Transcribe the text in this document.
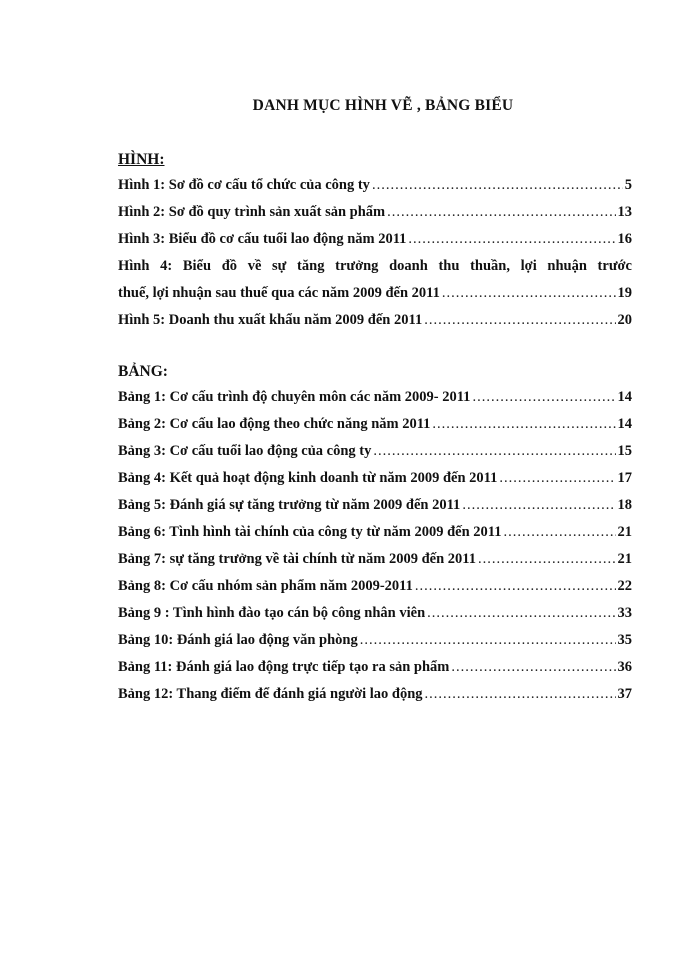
DANH MỤC HÌNH VẼ , BẢNG BIỂU
HÌNH:
Hình 1: Sơ đồ cơ cấu tổ chức của công ty .....	5
Hình 2: Sơ đồ quy trình sản xuất sản phẩm .....	13
Hình 3: Biểu đồ cơ cấu tuổi lao động năm 2011 .....	16
Hình 4: Biểu đồ về sự tăng trưởng doanh thu thuần, lợi nhuận trước
thuế, lợi nhuận sau thuế qua các năm 2009 đến 2011 .....	19
Hình 5: Doanh thu xuất khẩu năm 2009 đến 2011 .....	20
BẢNG:
Bảng 1: Cơ cấu trình độ chuyên môn các năm 2009- 2011 .....	14
Bảng 2: Cơ cấu lao động theo chức năng năm 2011 .....	14
Bảng 3: Cơ cấu tuổi lao động của công ty .....	15
Bảng 4: Kết quả hoạt động kinh doanh từ năm 2009 đến 2011 .....	17
Bảng 5: Đánh giá sự tăng trưởng từ năm 2009 đến 2011 .....	18
Bảng 6: Tình hình tài chính của công ty từ năm 2009 đến 2011 .....	21
Bảng 7: sự tăng trưởng về tài chính từ năm 2009 đến 2011 .....	21
Bảng 8: Cơ cấu nhóm sản phẩm năm 2009-2011 .....	22
Bảng 9 : Tình hình đào tạo cán bộ công nhân viên .....	33
Bảng 10: Đánh giá lao động văn phòng .....	35
Bảng 11: Đánh giá lao động trực tiếp tạo ra sản phẩm .....	36
Bảng 12: Thang điểm để đánh giá người lao động .....	37
